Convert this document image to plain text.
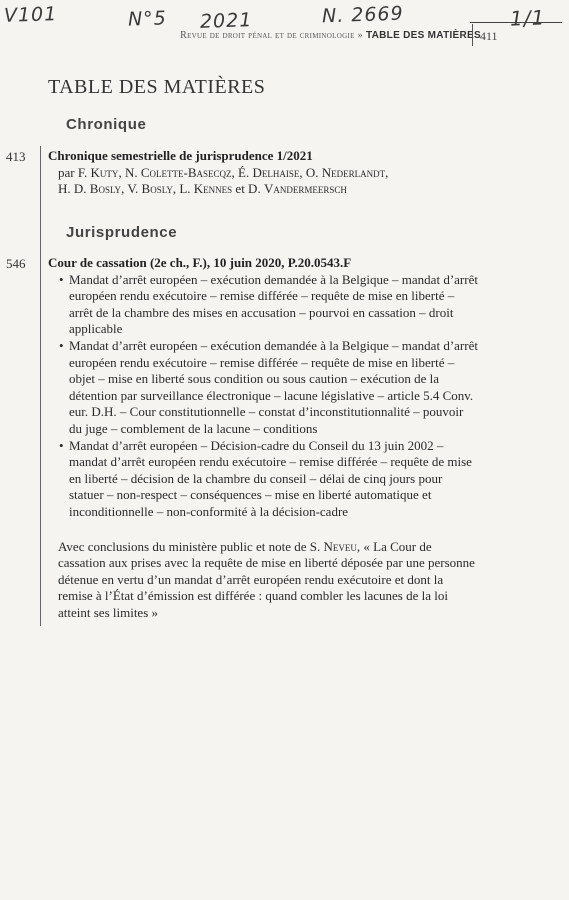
V101	N°5 2021	N. 2669	1/1
Revue de droit pénal et de criminologie » TABLE DES MATIÈRES 411
TABLE DES MATIÈRES
Chronique
413 Chronique semestrielle de jurisprudence 1/2021
par F. Kuty, N. Colette-Basecqz, É. Delhaise, O. Nederlandt,
H. D. Bosly, V. Bosly, L. Kennes et D. Vandermeersch
Jurisprudence
546 Cour de cassation (2e ch., F.), 10 juin 2020, P.20.0543.F
• Mandat d’arrêt européen – exécution demandée à la Belgique – mandat d’arrêt européen rendu exécutoire – remise différée – requête de mise en liberté – arrêt de la chambre des mises en accusation – pourvoi en cassation – droit applicable
• Mandat d’arrêt européen – exécution demandée à la Belgique – mandat d’arrêt européen rendu exécutoire – remise différée – requête de mise en liberté – objet – mise en liberté sous condition ou sous caution – exécution de la détention par surveillance électronique – lacune législative – article 5.4 Conv. eur. D.H. – Cour constitutionnelle – constat d’inconstitutionnalité – pouvoir du juge – comblement de la lacune – conditions
• Mandat d’arrêt européen – Décision-cadre du Conseil du 13 juin 2002 – mandat d’arrêt européen rendu exécutoire – remise différée – requête de mise en liberté – décision de la chambre du conseil – délai de cinq jours pour statuer – non-respect – conséquences – mise en liberté automatique et inconditionnelle – non-conformité à la décision-cadre
Avec conclusions du ministère public et note de S. Neveu, « La Cour de cassation aux prises avec la requête de mise en liberté déposée par une personne détenue en vertu d’un mandat d’arrêt européen rendu exécutoire et dont la remise à l’État d’émission est différée : quand combler les lacunes de la loi atteint ses limites »
